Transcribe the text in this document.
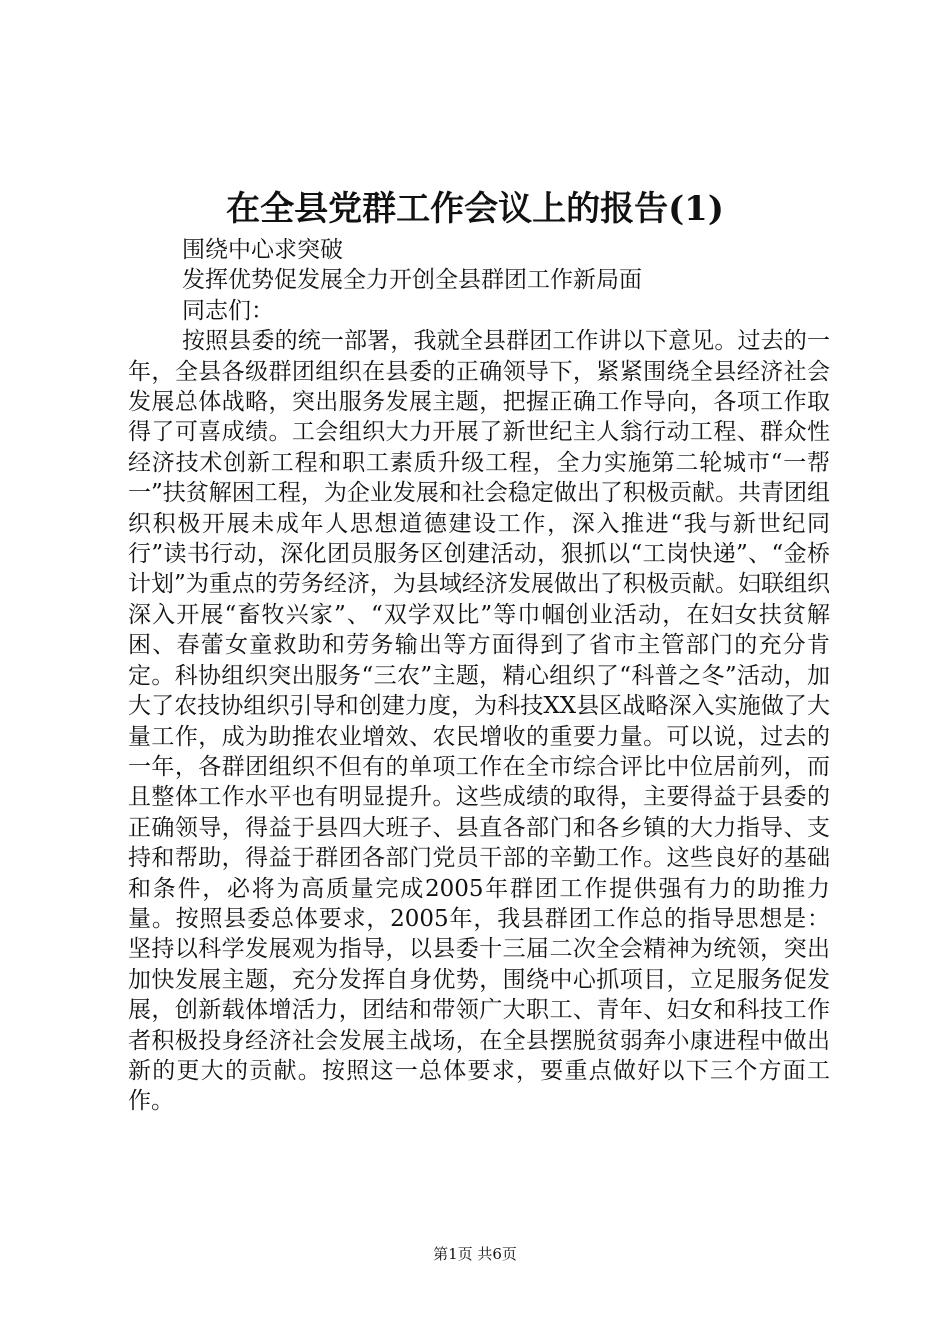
在全县党群工作会议上的报告(1)

围绕中心求突破

发挥优势促发展全力开创全县群团工作新局面

同志们：

按照县委的统一部署，我就全县群团工作讲以下意见。过去的一年，全县各级群团组织在县委的正确领导下，紧紧围绕全县经济社会发展总体战略，突出服务发展主题，把握正确工作导向，各项工作取得了可喜成绩。工会组织大力开展了新世纪主人翁行动工程、群众性经济技术创新工程和职工素质升级工程，全力实施第二轮城市“一帮一”扶贫解困工程，为企业发展和社会稳定做出了积极贡献。共青团组织积极开展未成年人思想道德建设工作，深入推进“我与新世纪同行”读书行动，深化团员服务区创建活动，狠抓以“工岗快递”、“金桥计划”为重点的劳务经济，为县域经济发展做出了积极贡献。妇联组织深入开展“畜牧兴家”、“双学双比”等巾帼创业活动，在妇女扶贫解困、春蕾女童救助和劳务输出等方面得到了省市主管部门的充分肯定。科协组织突出服务“三农”主题，精心组织了“科普之冬”活动，加大了农技协组织引导和创建力度，为科技XX县区战略深入实施做了大量工作，成为助推农业增效、农民增收的重要力量。可以说，过去的一年，各群团组织不但有的单项工作在全市综合评比中位居前列，而且整体工作水平也有明显提升。这些成绩的取得，主要得益于县委的正确领导，得益于县四大班子、县直各部门和各乡镇的大力指导、支持和帮助，得益于群团各部门党员干部的辛勤工作。这些良好的基础和条件，必将为高质量完成2005年群团工作提供强有力的助推力量。按照县委总体要求，2005年，我县群团工作总的指导思想是：坚持以科学发展观为指导，以县委十三届二次全会精神为统领，突出加快发展主题，充分发挥自身优势，围绕中心抓项目，立足服务促发展，创新载体增活力，团结和带领广大职工、青年、妇女和科技工作者积极投身经济社会发展主战场，在全县摆脱贫弱奔小康进程中做出新的更大的贡献。按照这一总体要求，要重点做好以下三个方面工作。

第1页 共6页
